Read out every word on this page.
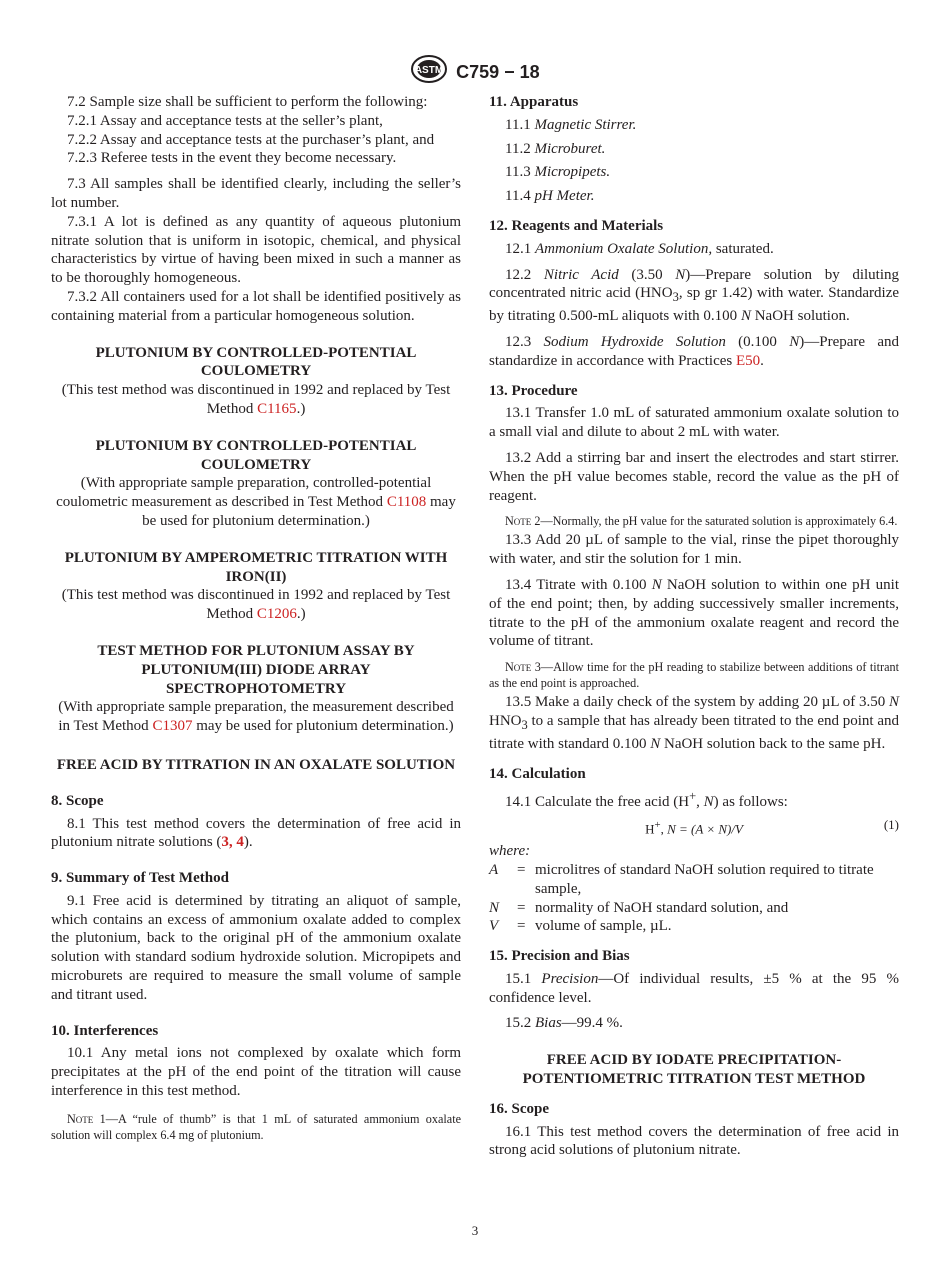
ASTM C759 − 18

7.2 Sample size shall be sufficient to perform the following:

7.2.1 Assay and acceptance tests at the seller’s plant,

7.2.2 Assay and acceptance tests at the purchaser’s plant, and

7.2.3 Referee tests in the event they become necessary.

7.3 All samples shall be identified clearly, including the seller’s lot number.

7.3.1 A lot is defined as any quantity of aqueous plutonium nitrate solution that is uniform in isotopic, chemical, and physical characteristics by virtue of having been mixed in such a manner as to be thoroughly homogeneous.

7.3.2 All containers used for a lot shall be identified positively as containing material from a particular homogeneous solution.

PLUTONIUM BY CONTROLLED-POTENTIAL COULOMETRY

(This test method was discontinued in 1992 and replaced by Test Method C1165.)

PLUTONIUM BY CONTROLLED-POTENTIAL COULOMETRY

(With appropriate sample preparation, controlled-potential coulometric measurement as described in Test Method C1108 may be used for plutonium determination.)

PLUTONIUM BY AMPEROMETRIC TITRATION WITH IRON(II)

(This test method was discontinued in 1992 and replaced by Test Method C1206.)

TEST METHOD FOR PLUTONIUM ASSAY BY PLUTONIUM(III) DIODE ARRAY SPECTROPHOTOMETRY

(With appropriate sample preparation, the measurement described in Test Method C1307 may be used for plutonium determination.)

FREE ACID BY TITRATION IN AN OXALATE SOLUTION

8. Scope

8.1 This test method covers the determination of free acid in plutonium nitrate solutions (3, 4).

9. Summary of Test Method

9.1 Free acid is determined by titrating an aliquot of sample, which contains an excess of ammonium oxalate added to complex the plutonium, back to the original pH of the ammonium oxalate solution with standard sodium hydroxide solution. Micropipets and microburets are required to measure the small volume of sample and titrant used.

10. Interferences

10.1 Any metal ions not complexed by oxalate which form precipitates at the pH of the end point of the titration will cause interference in this test method.

Note 1—A “rule of thumb” is that 1 mL of saturated ammonium oxalate solution will complex 6.4 mg of plutonium.

11. Apparatus

11.1 Magnetic Stirrer.

11.2 Microburet.

11.3 Micropipets.

11.4 pH Meter.

12. Reagents and Materials

12.1 Ammonium Oxalate Solution, saturated.

12.2 Nitric Acid (3.50 N)—Prepare solution by diluting concentrated nitric acid ($HNO_3$, sp gr 1.42) with water. Standardize by titrating 0.500-mL aliquots with 0.100 N NaOH solution.

12.3 Sodium Hydroxide Solution (0.100 N)—Prepare and standardize in accordance with Practices E50.

13. Procedure

13.1 Transfer 1.0 mL of saturated ammonium oxalate solution to a small vial and dilute to about 2 mL with water.

13.2 Add a stirring bar and insert the electrodes and start stirrer. When the pH value becomes stable, record the value as the pH of reagent.

Note 2—Normally, the pH value for the saturated solution is approximately 6.4.

13.3 Add 20 µL of sample to the vial, rinse the pipet thoroughly with water, and stir the solution for 1 min.

13.4 Titrate with 0.100 N NaOH solution to within one pH unit of the end point; then, by adding successively smaller increments, titrate to the pH of the ammonium oxalate reagent and record the volume of titrant.

Note 3—Allow time for the pH reading to stabilize between additions of titrant as the end point is approached.

13.5 Make a daily check of the system by adding 20 µL of 3.50 N $HNO_3$ to a sample that has already been titrated to the end point and titrate with standard 0.100 N NaOH solution back to the same pH.

14. Calculation

14.1 Calculate the free acid (H+, N) as follows:

H+, N = (A × N)/V	(1)

where:

A	= microlitres of standard NaOH solution required to titrate sample,
N	= normality of NaOH standard solution, and
V	= volume of sample, µL.

15. Precision and Bias

15.1 Precision—Of individual results, ±5 % at the 95 % confidence level.

15.2 Bias—99.4 %.

FREE ACID BY IODATE PRECIPITATION-POTENTIOMETRIC TITRATION TEST METHOD

16. Scope

16.1 This test method covers the determination of free acid in strong acid solutions of plutonium nitrate.

3
